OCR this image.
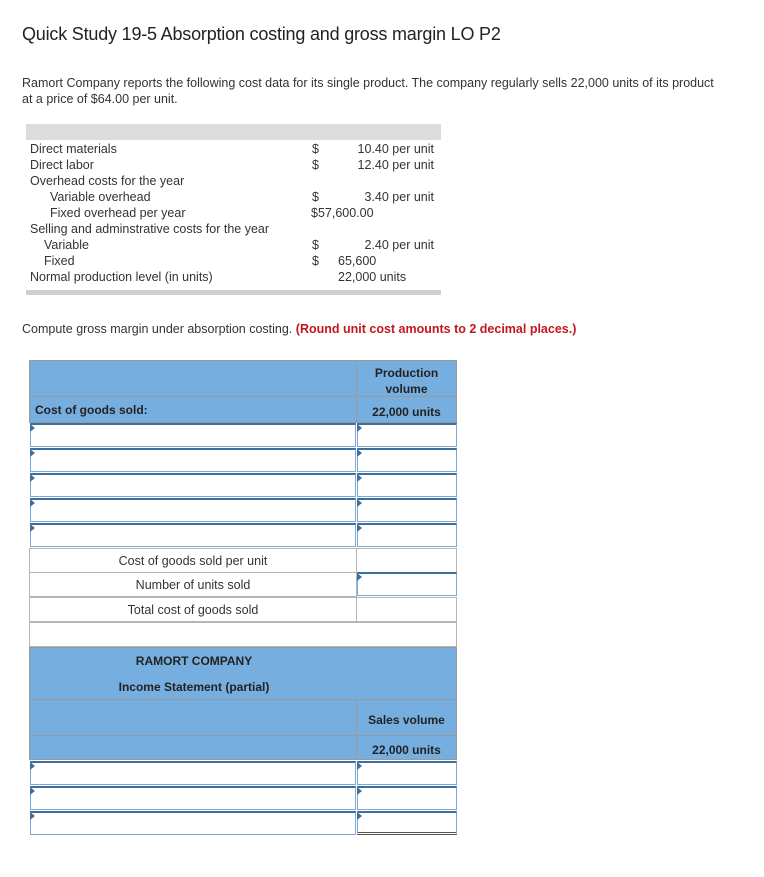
Quick Study 19-5 Absorption costing and gross margin LO P2
Ramort Company reports the following cost data for its single product. The company regularly sells 22,000 units of its product at a price of $64.00 per unit.
Direct materials	$	10.40 per unit
Direct labor	$	12.40 per unit
Overhead costs for the year
Variable overhead	$	3.40 per unit
Fixed overhead per year	$57,600.00
Selling and adminstrative costs for the year
Variable	$	2.40 per unit
Fixed	$ 65,600
Normal production level (in units)	22,000 units
Compute gross margin under absorption costing. (Round unit cost amounts to 2 decimal places.)
Production volume
Cost of goods sold:	22,000 units
Cost of goods sold per unit
Number of units sold
Total cost of goods sold
RAMORT COMPANY
Income Statement (partial)
Sales volume
22,000 units
